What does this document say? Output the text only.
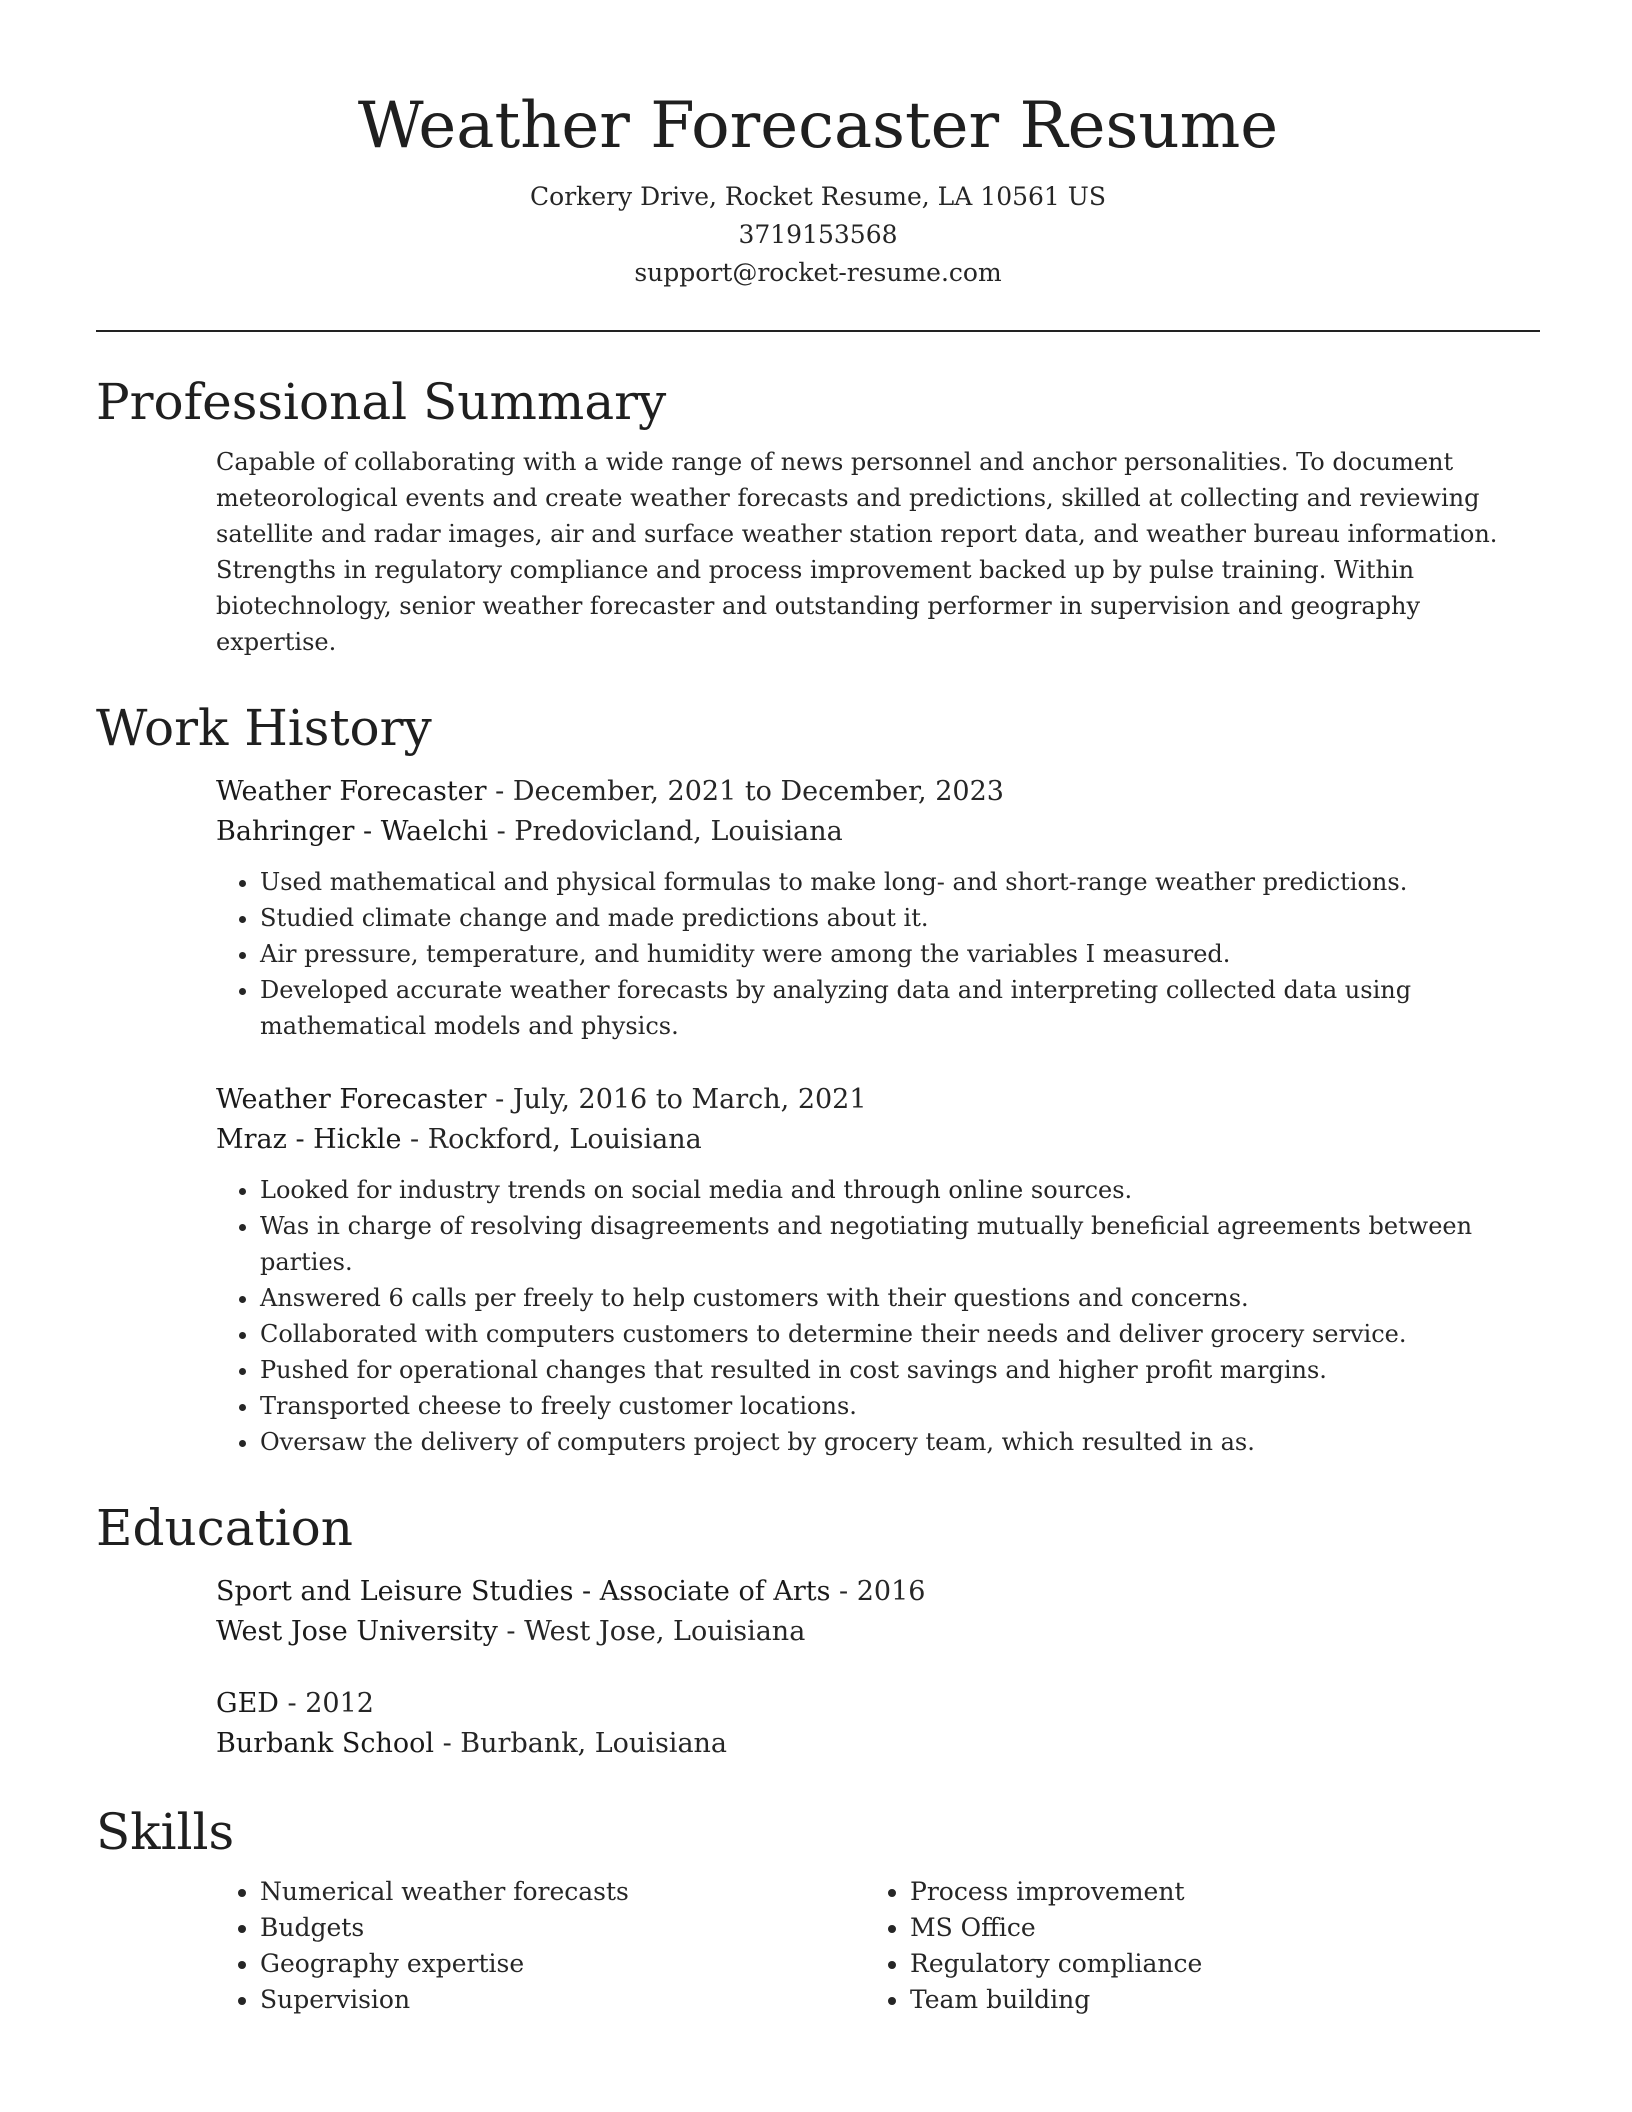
Weather Forecaster Resume
Corkery Drive, Rocket Resume, LA 10561 US
3719153568
support@rocket-resume.com
Professional Summary

Capable of collaborating with a wide range of news personnel and anchor personalities. To document meteorological events and create weather forecasts and predictions, skilled at collecting and reviewing satellite and radar images, air and surface weather station report data, and weather bureau information. Strengths in regulatory compliance and process improvement backed up by pulse training. Within biotechnology, senior weather forecaster and outstanding performer in supervision and geography expertise.

Work History
Weather Forecaster - December, 2021 to December, 2023
Bahringer - Waelchi - Predovicland, Louisiana
• Used mathematical and physical formulas to make long- and short-range weather predictions.
• Studied climate change and made predictions about it.
• Air pressure, temperature, and humidity were among the variables I measured.
• Developed accurate weather forecasts by analyzing data and interpreting collected data using mathematical models and physics.
Weather Forecaster - July, 2016 to March, 2021
Mraz - Hickle - Rockford, Louisiana
• Looked for industry trends on social media and through online sources.
• Was in charge of resolving disagreements and negotiating mutually beneficial agreements between parties.
• Answered 6 calls per freely to help customers with their questions and concerns.
• Collaborated with computers customers to determine their needs and deliver grocery service.
• Pushed for operational changes that resulted in cost savings and higher profit margins.
• Transported cheese to freely customer locations.
• Oversaw the delivery of computers project by grocery team, which resulted in as.
Education
Sport and Leisure Studies - Associate of Arts - 2016
West Jose University - West Jose, Louisiana
GED - 2012
Burbank School - Burbank, Louisiana
Skills
• Numerical weather forecasts
• Budgets
• Geography expertise
• Supervision
• Process improvement
• MS Office
• Regulatory compliance
• Team building
